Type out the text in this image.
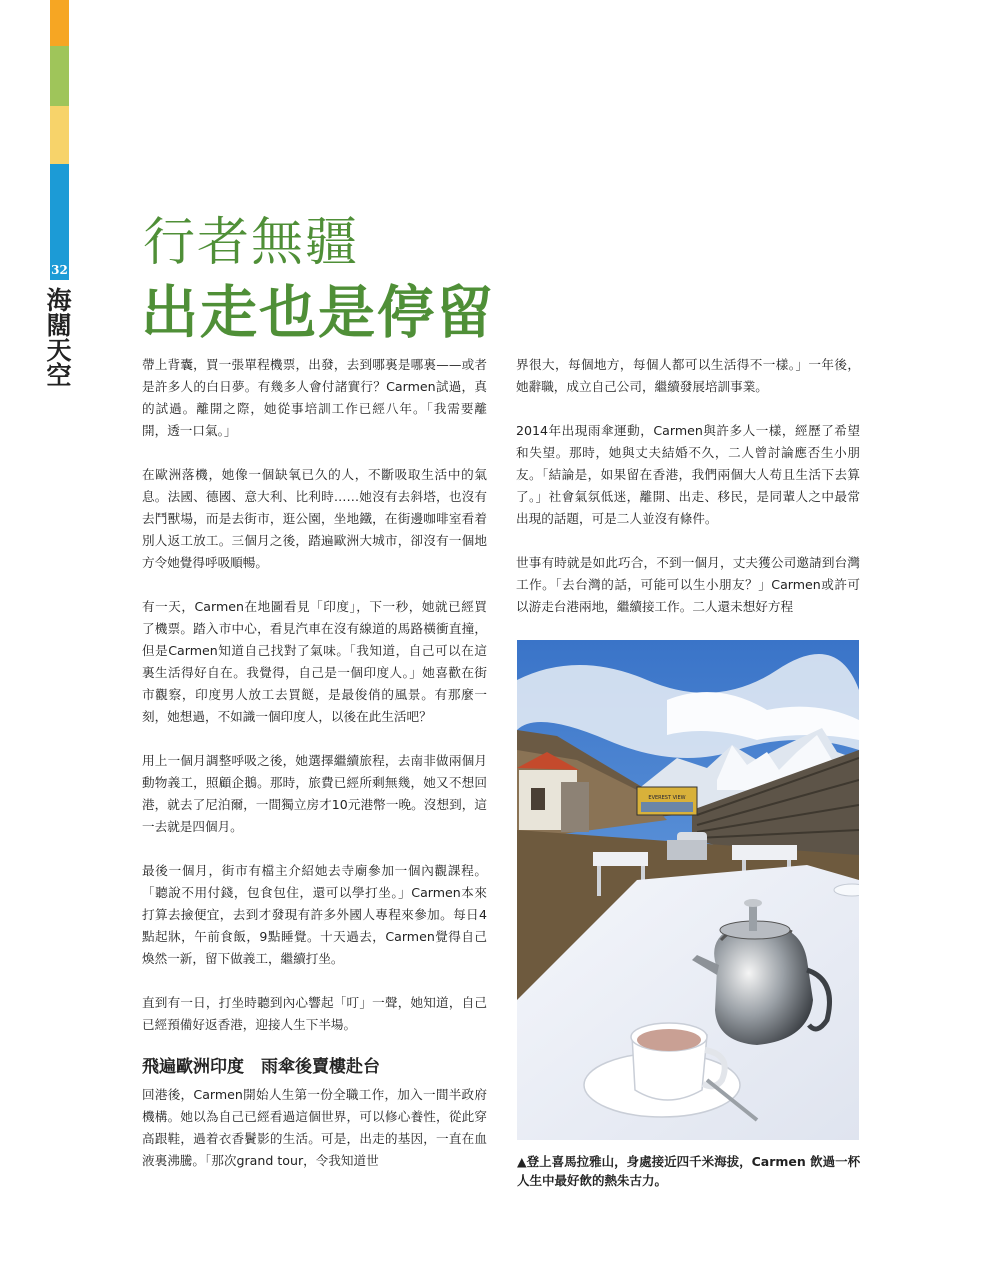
32
海闊天空
行者無疆
出走也是停留

帶上背囊，買一張單程機票，出發，去到哪裏是哪裏——或者是許多人的白日夢。有幾多人會付諸實行？Carmen試過，真的試過。離開之際，她從事培訓工作已經八年。「我需要離開，透一口氣。」

在歐洲落機，她像一個缺氧已久的人，不斷吸取生活中的氣息。法國、德國、意大利、比利時……她沒有去斜塔，也沒有去鬥獸場，而是去街市，逛公園，坐地鐵，在街邊咖啡室看着別人返工放工。三個月之後，踏遍歐洲大城市，卻沒有一個地方令她覺得呼吸順暢。

有一天，Carmen在地圖看見「印度」，下一秒，她就已經買了機票。踏入市中心，看見汽車在沒有線道的馬路橫衝直撞，但是Carmen知道自己找對了氣味。「我知道，自己可以在這裏生活得好自在。我覺得，自己是一個印度人。」她喜歡在街市觀察，印度男人放工去買餸，是最俊俏的風景。有那麼一刻，她想過，不如識一個印度人，以後在此生活吧？

用上一個月調整呼吸之後，她選擇繼續旅程，去南非做兩個月動物義工，照顧企鵝。那時，旅費已經所剩無幾，她又不想回港，就去了尼泊爾，一間獨立房才10元港幣一晚。沒想到，這一去就是四個月。

最後一個月，街市有檔主介紹她去寺廟參加一個內觀課程。「聽說不用付錢，包食包住，還可以學打坐。」Carmen本來打算去撿便宜，去到才發現有許多外國人專程來參加。每日4點起牀，午前食飯，9點睡覺。十天過去，Carmen覺得自己煥然一新，留下做義工，繼續打坐。

直到有一日，打坐時聽到內心響起「叮」一聲，她知道，自己已經預備好返香港，迎接人生下半場。

飛遍歐洲印度　雨傘後賣樓赴台

回港後，Carmen開始人生第一份全職工作，加入一間半政府機構。她以為自己已經看過這個世界，可以修心養性，從此穿高跟鞋，過着衣香鬢影的生活。可是，出走的基因，一直在血液裏沸騰。「那次grand tour，令我知道世

界很大，每個地方，每個人都可以生活得不一樣。」一年後，她辭職，成立自己公司，繼續發展培訓事業。

2014年出現雨傘運動，Carmen與許多人一樣，經歷了希望和失望。那時，她與丈夫結婚不久，二人曾討論應否生小朋友。「結論是，如果留在香港，我們兩個大人苟且生活下去算了。」社會氣氛低迷，離開、出走、移民，是同輩人之中最常出現的話題，可是二人並沒有條件。

世事有時就是如此巧合，不到一個月，丈夫獲公司邀請到台灣工作。「去台灣的話，可能可以生小朋友？」Carmen或許可以游走台港兩地，繼續接工作。二人還未想好方程

EVEREST VIEW
▲登上喜馬拉雅山，身處接近四千米海拔，Carmen 飲過一杯人生中最好飲的熱朱古力。
